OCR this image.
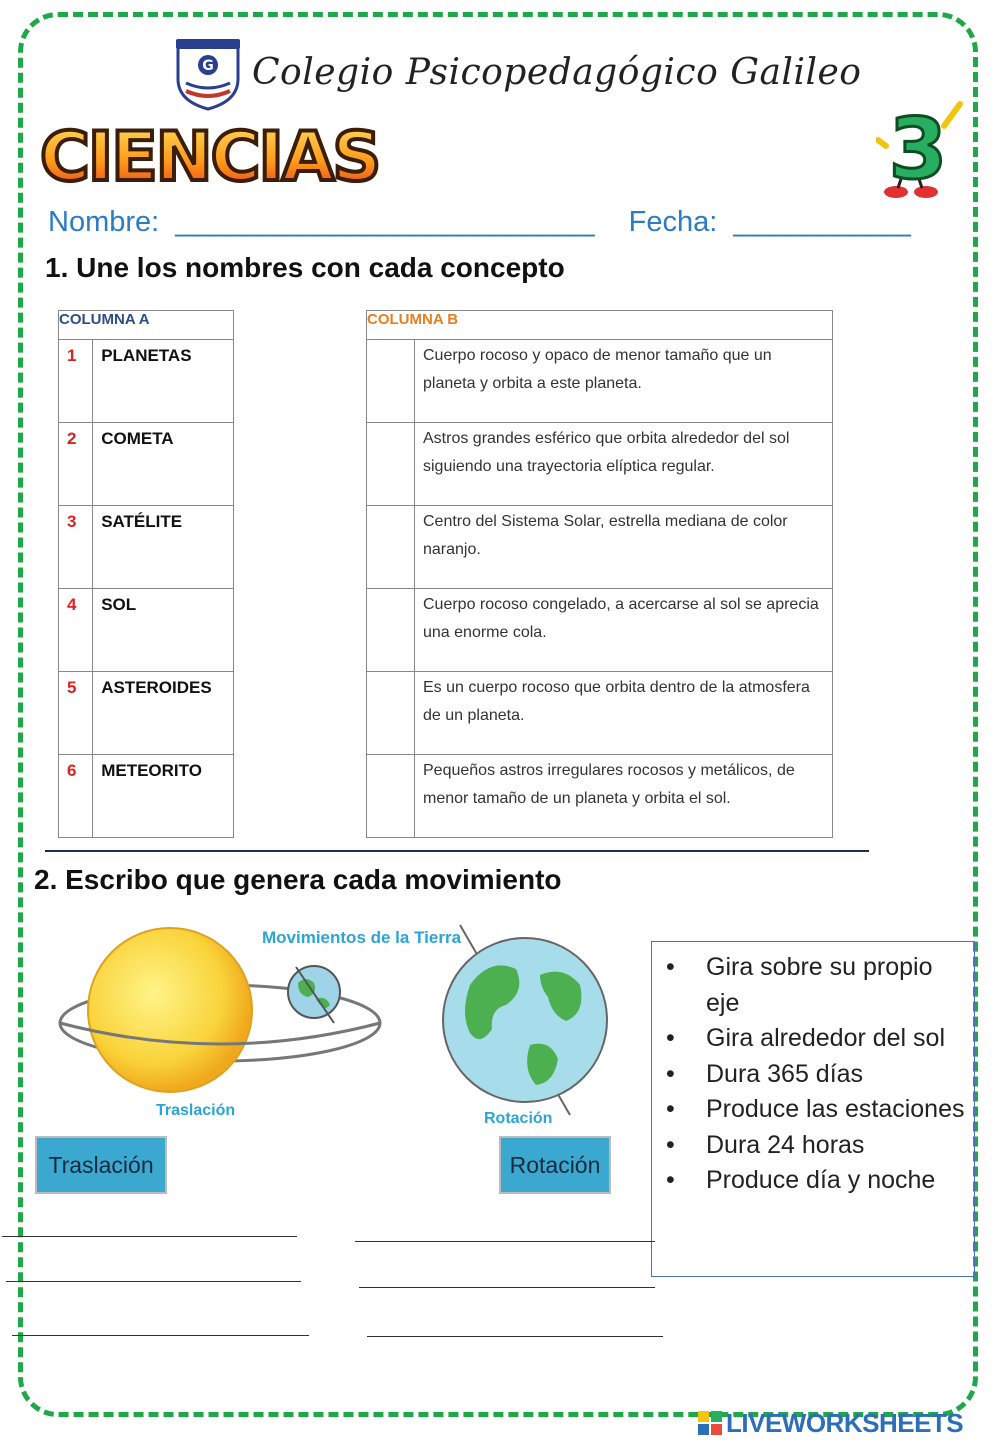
G Colegio Psicopedagógico Galileo
CIENCIAS	3
Nombre: __________________________ Fecha: ___________
1. Une los nombres con cada concepto
COLUMNA A	
1	PLANETAS
2	COMETA
3	SATÉLITE
4	SOL
5	ASTEROIDES
6	METEORITO
COLUMNA B	
	Cuerpo rocoso y opaco de menor tamaño que un planeta y orbita a este planeta.
	Astros grandes esférico que orbita alrededor del sol siguiendo una trayectoria elíptica regular.
	Centro del Sistema Solar, estrella mediana de color naranjo.
	Cuerpo rocoso congelado, a acercarse al sol se aprecia una enorme cola.
	Es un cuerpo rocoso que orbita dentro de la atmosfera de un planeta.
	Pequeños astros irregulares rocosos y metálicos, de menor tamaño de un planeta y orbita el sol.
2. Escribo que genera cada movimiento
Movimientos de la Tierra
Traslación	Rotación
Traslación	Rotación
• Gira sobre su propio eje
• Gira alrededor del sol
• Dura 365 días
• Produce las estaciones
• Dura 24 horas
• Produce día y noche
LIVEWORKSHEETS
